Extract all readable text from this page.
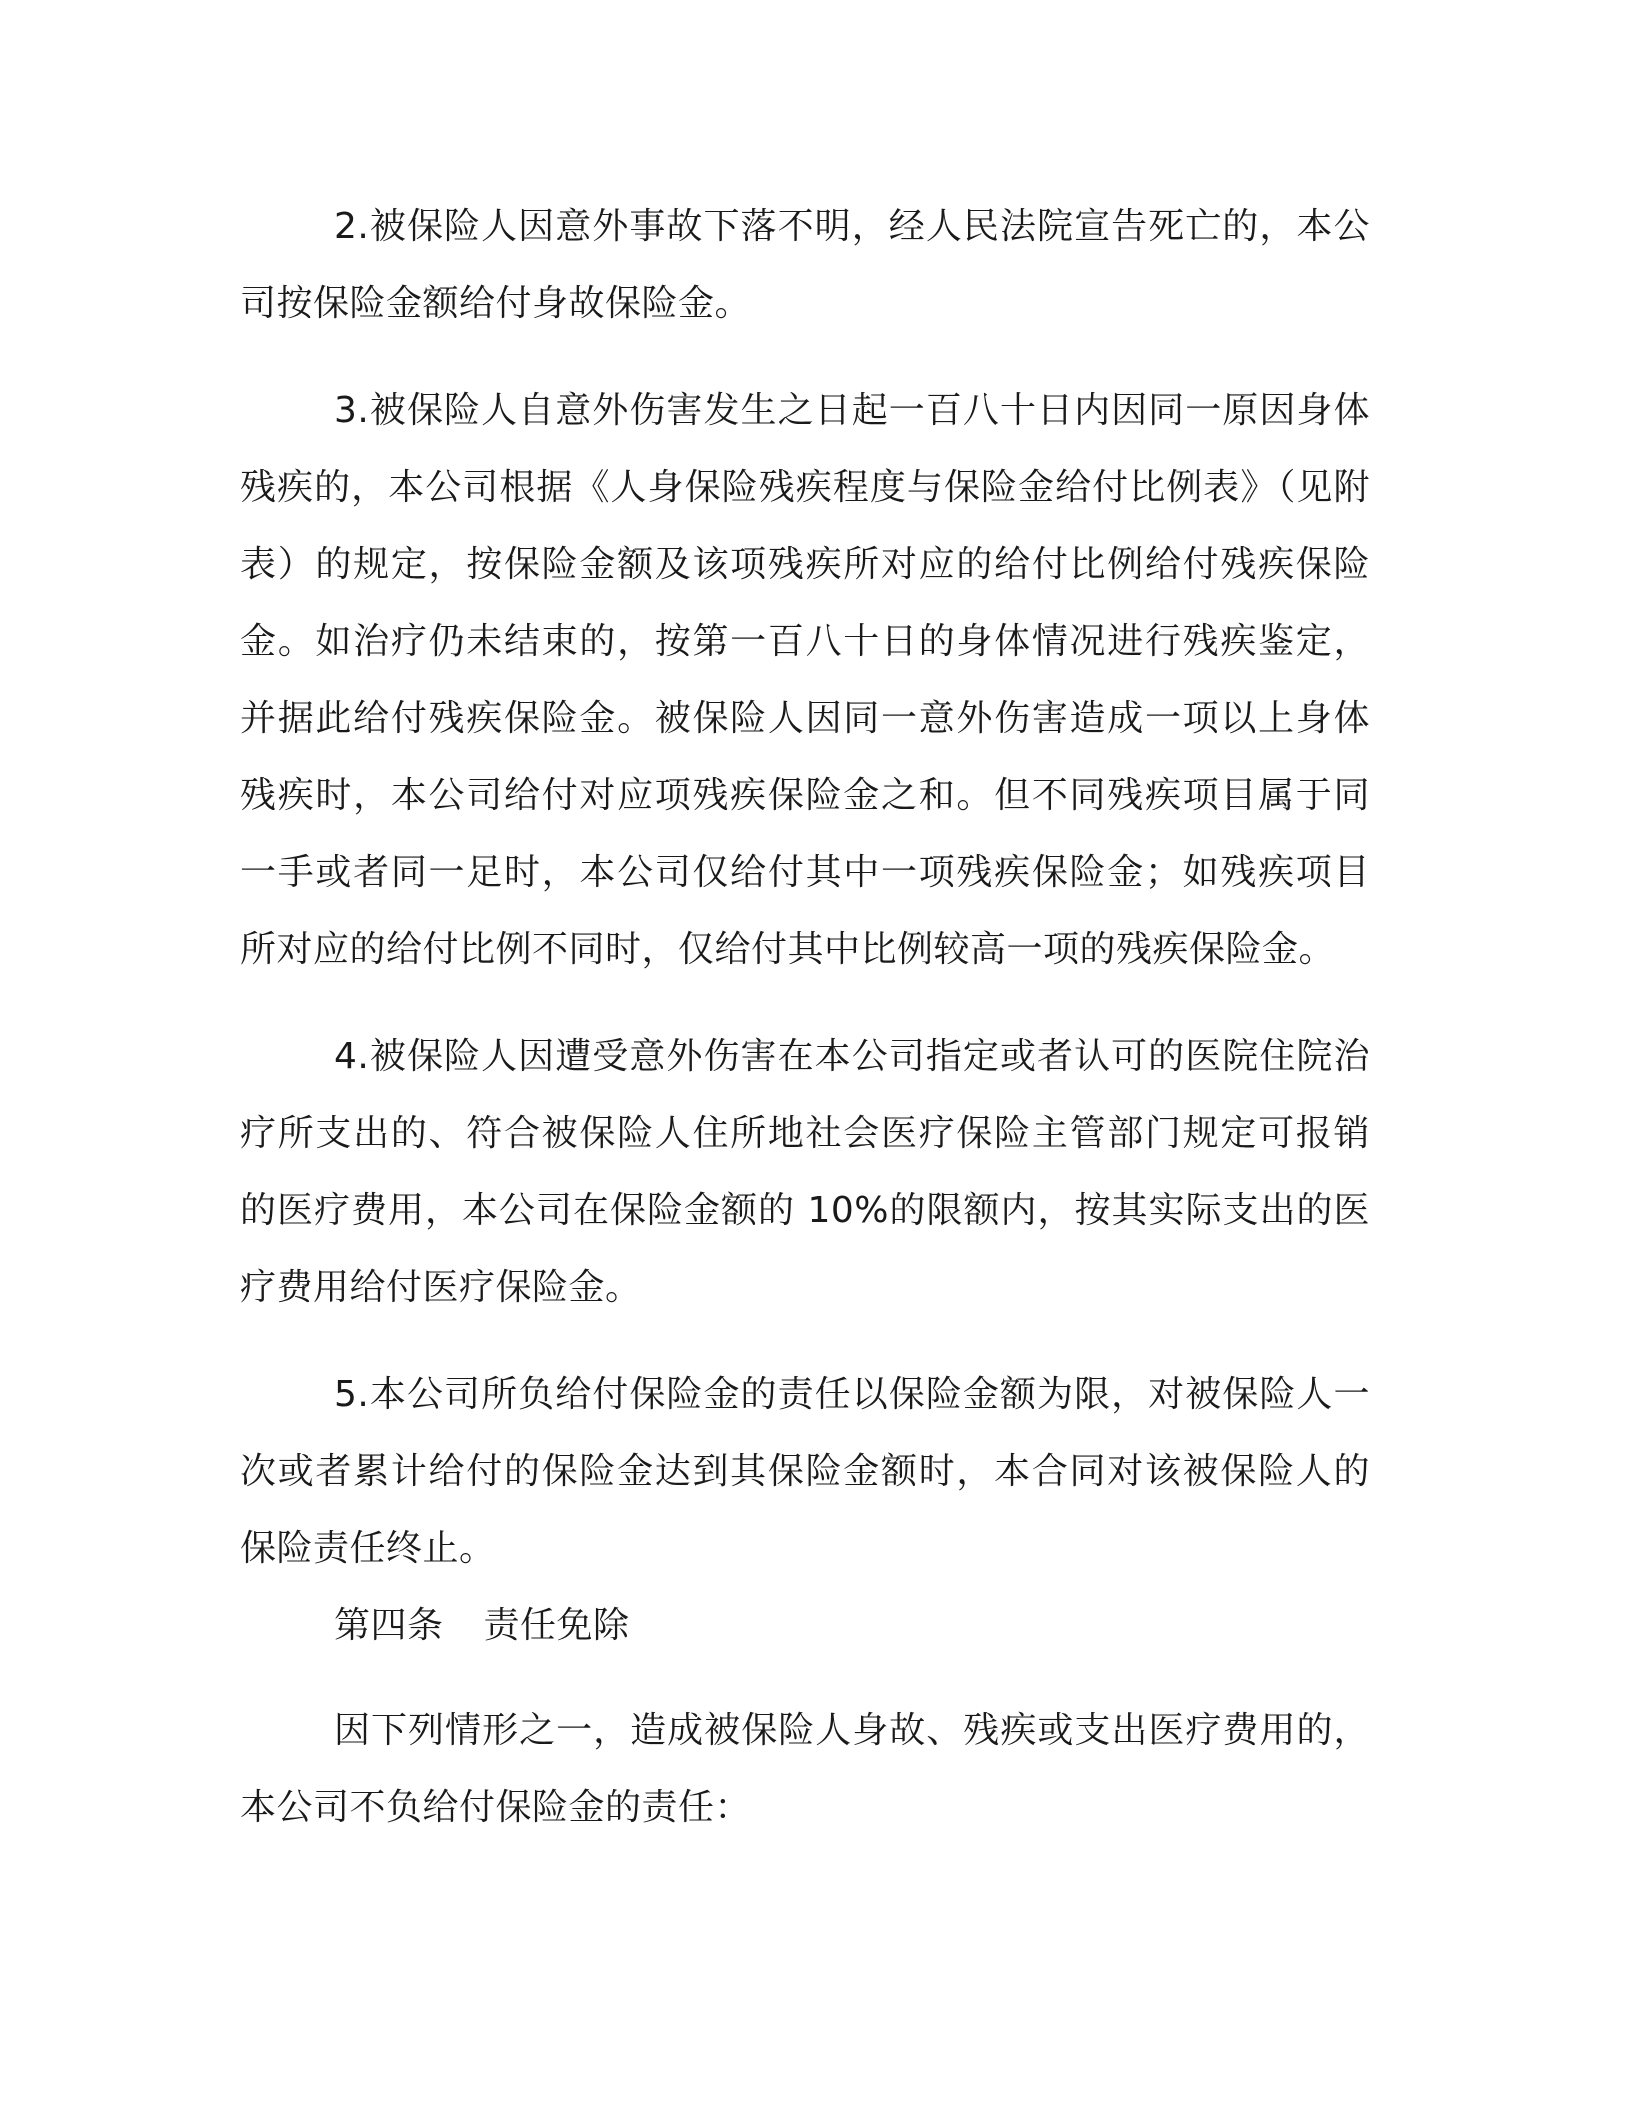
2.被保险人因意外事故下落不明，经人民法院宣告死亡的，本公司按保险金额给付身故保险金。

3.被保险人自意外伤害发生之日起一百八十日内因同一原因身体残疾的，本公司根据《人身保险残疾程度与保险金给付比例表》（见附表）的规定，按保险金额及该项残疾所对应的给付比例给付残疾保险金。如治疗仍未结束的，按第一百八十日的身体情况进行残疾鉴定，并据此给付残疾保险金。被保险人因同一意外伤害造成一项以上身体残疾时，本公司给付对应项残疾保险金之和。但不同残疾项目属于同一手或者同一足时，本公司仅给付其中一项残疾保险金；如残疾项目所对应的给付比例不同时，仅给付其中比例较高一项的残疾保险金。

4.被保险人因遭受意外伤害在本公司指定或者认可的医院住院治疗所支出的、符合被保险人住所地社会医疗保险主管部门规定可报销的医疗费用，本公司在保险金额的 10%的限额内，按其实际支出的医疗费用给付医疗保险金。

5.本公司所负给付保险金的责任以保险金额为限，对被保险人一次或者累计给付的保险金达到其保险金额时，本合同对该被保险人的保险责任终止。

第四条 责任免除

因下列情形之一，造成被保险人身故、残疾或支出医疗费用的，本公司不负给付保险金的责任：
